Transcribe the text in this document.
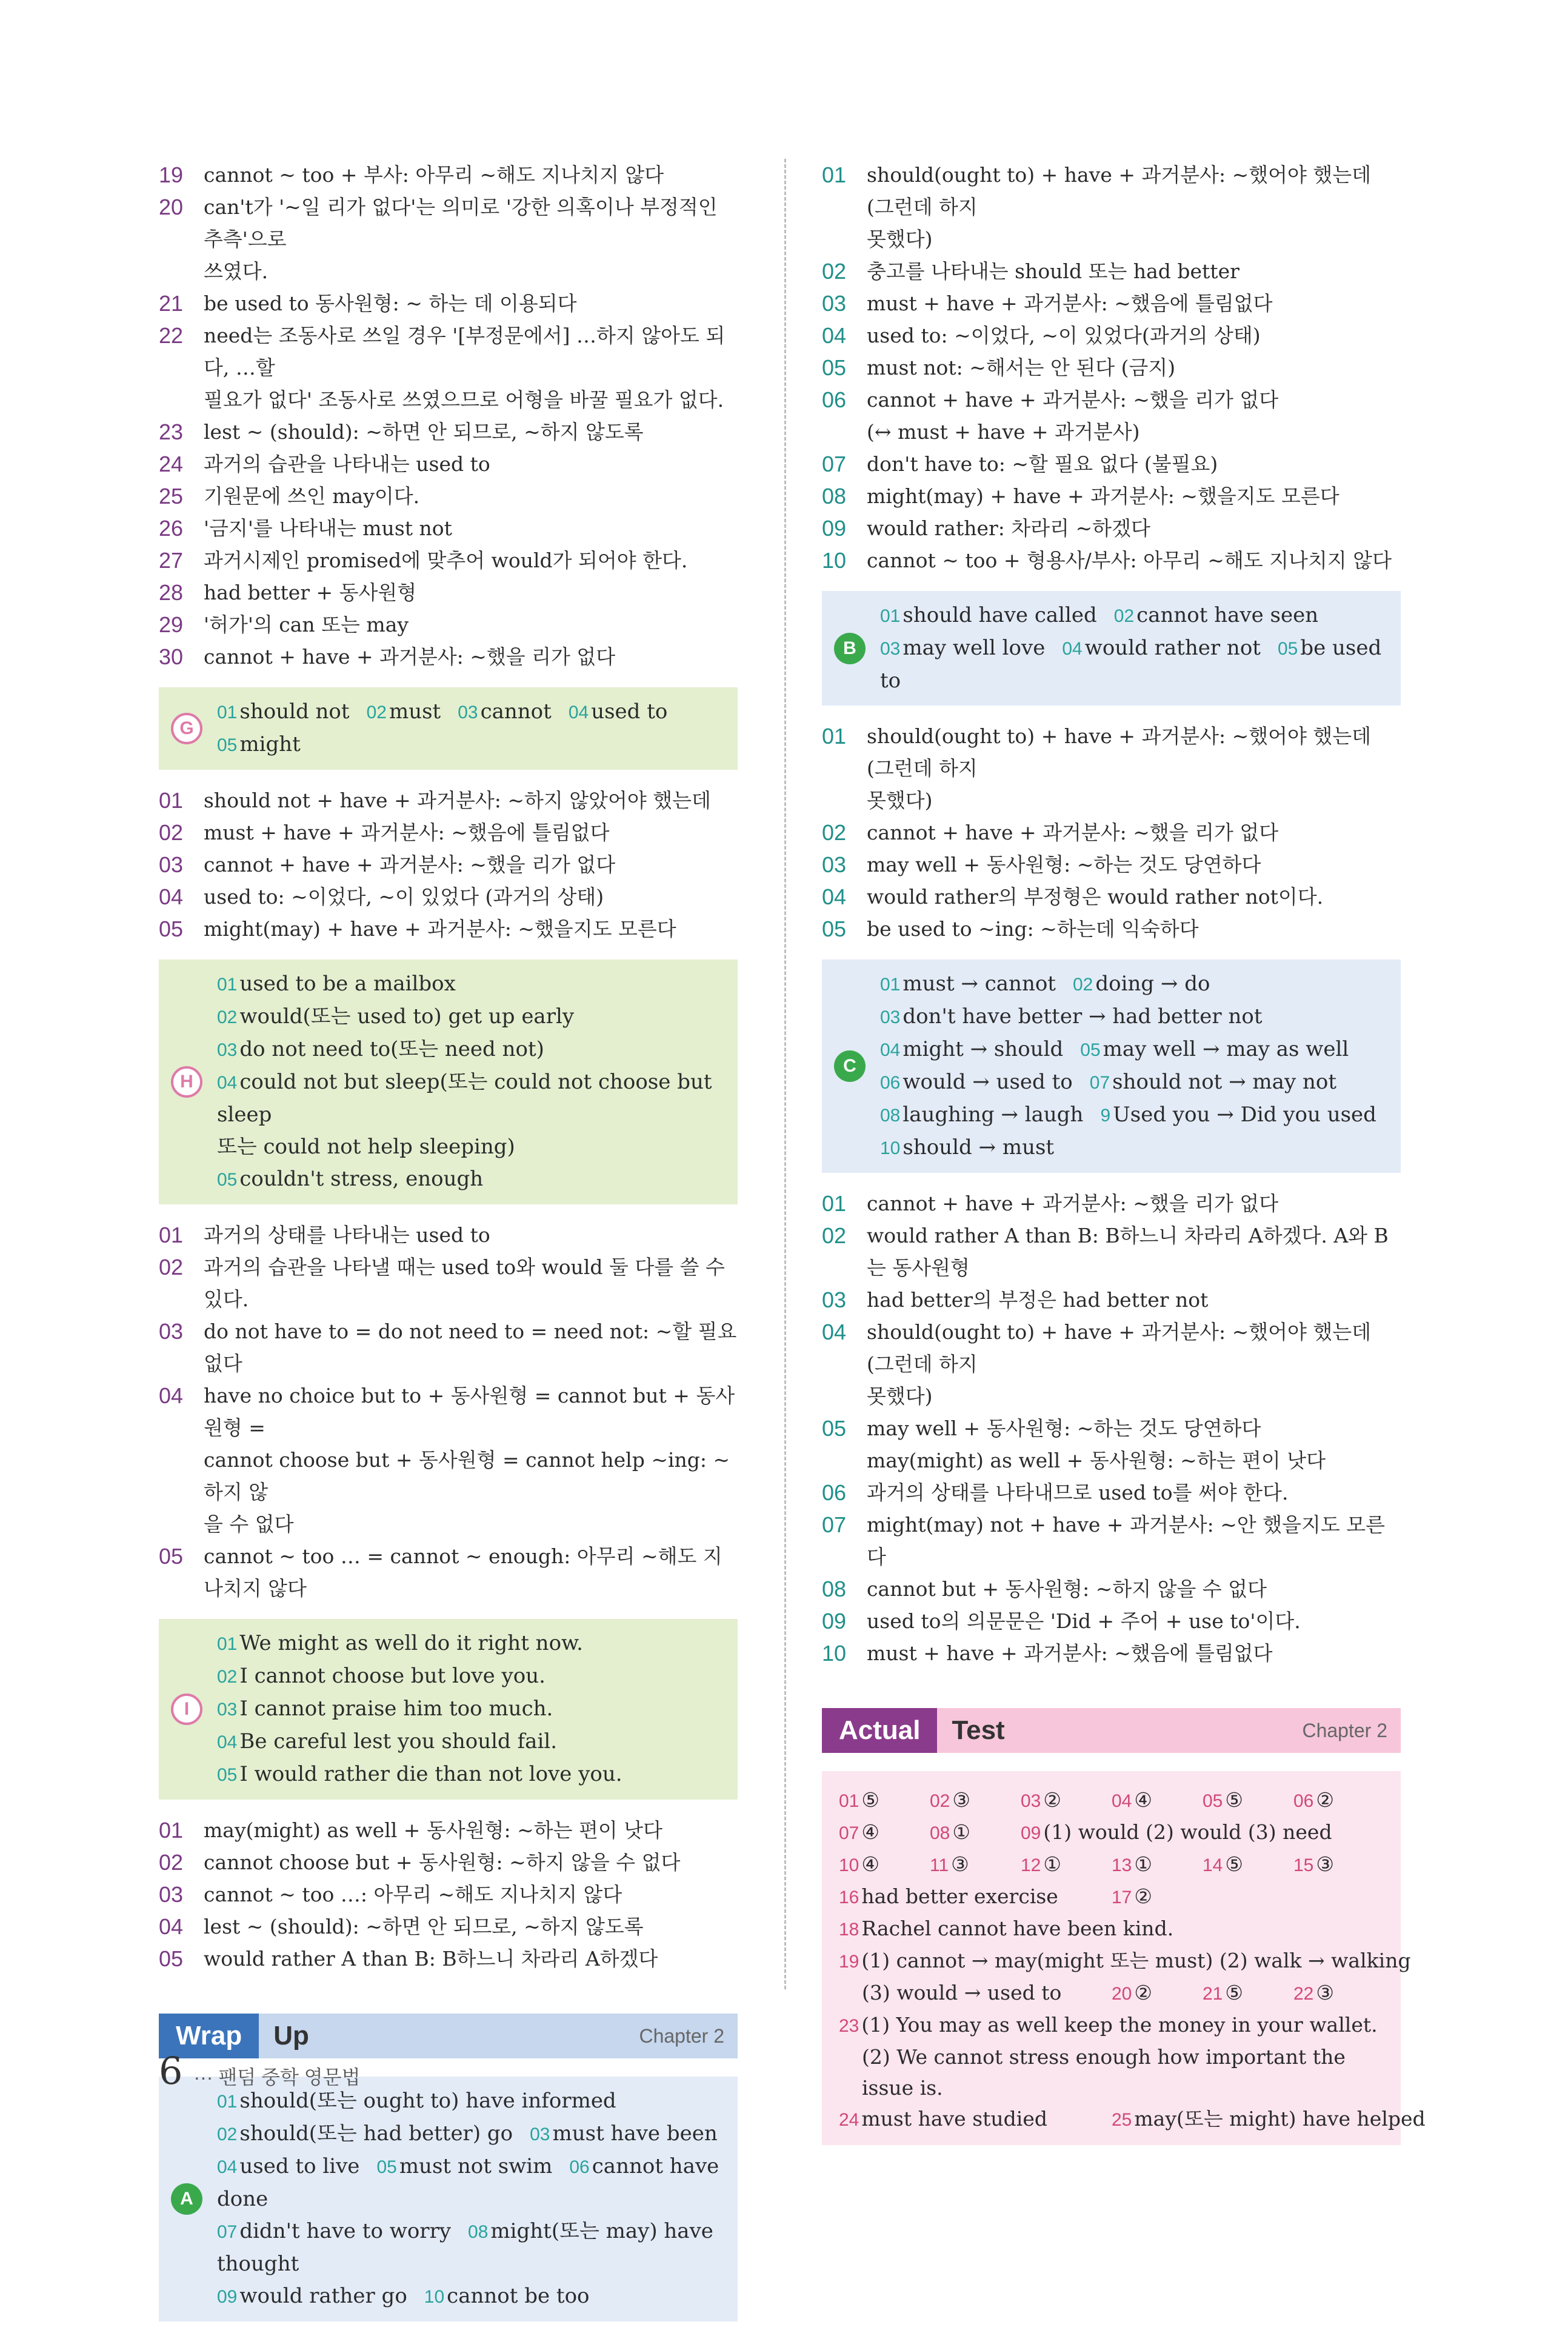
19	cannot ~ too + 부사: 아무리 ~해도 지나치지 않다
20	can't가 '~일 리가 없다'는 의미로 '강한 의혹이나 부정적인 추측'으로
쓰였다.
21	be used to 동사원형: ~ 하는 데 이용되다
22	need는 조동사로 쓰일 경우 '[부정문에서] …하지 않아도 되다, …할
필요가 없다' 조동사로 쓰였으므로 어형을 바꿀 필요가 없다.
23	lest ~ (should): ~하면 안 되므로, ~하지 않도록
24	과거의 습관을 나타내는 used to
25	기원문에 쓰인 may이다.
26	'금지'를 나타내는 must not
27	과거시제인 promised에 맞추어 would가 되어야 한다.
28	had better + 동사원형
29	'허가'의 can 또는 may
30	cannot + have + 과거분사: ~했을 리가 없다
G
01 should not 02 must 03 cannot 04 used to05 might
01	should not + have + 과거분사: ~하지 않았어야 했는데
02	must + have + 과거분사: ~했음에 틀림없다
03	cannot + have + 과거분사: ~했을 리가 없다
04	used to: ~이었다, ~이 있었다 (과거의 상태)
05	might(may) + have + 과거분사: ~했을지도 모른다
H
01 used to be a mailbox
02 would(또는 used to) get up early
03 do not need to(또는 need not)
04 could not but sleep(또는 could not choose but sleep
또는 could not help sleeping)
05 couldn't stress, enough
01	과거의 상태를 나타내는 used to
02	과거의 습관을 나타낼 때는 used to와 would 둘 다를 쓸 수 있다.
03	do not have to = do not need to = need not: ~할 필요 없다
04	have no choice but to + 동사원형 = cannot but + 동사원형 =
cannot choose but + 동사원형 = cannot help ~ing: ~하지 않
을 수 없다
05	cannot ~ too … = cannot ~ enough: 아무리 ~해도 지나치지 않다
I
01 We might as well do it right now.
02 I cannot choose but love you.
03 I cannot praise him too much.
04 Be careful lest you should fail.
05 I would rather die than not love you.
01	may(might) as well + 동사원형: ~하는 편이 낫다
02	cannot choose but + 동사원형: ~하지 않을 수 없다
03	cannot ~ too …: 아무리 ~해도 지나치지 않다
04	lest ~ (should): ~하면 안 되므로, ~하지 않도록
05	would rather A than B: B하느니 차라리 A하겠다
Wrap	Up	Chapter 2
A
01 should(또는 ought to) have informed
02 should(또는 had better) go 03 must have been
04 used to live 05 must not swim 06 cannot have done
07 didn't have to worry 08 might(또는 may) have thought
09 would rather go 10 cannot be too
01	should(ought to) + have + 과거분사: ~했어야 했는데 (그런데 하지
못했다)
02	충고를 나타내는 should 또는 had better
03	must + have + 과거분사: ~했음에 틀림없다
04	used to: ~이었다, ~이 있었다(과거의 상태)
05	must not: ~해서는 안 된다 (금지)
06	cannot + have + 과거분사: ~했을 리가 없다
(↔ must + have + 과거분사)
07	don't have to: ~할 필요 없다 (불필요)
08	might(may) + have + 과거분사: ~했을지도 모른다
09	would rather: 차라리 ~하겠다
10	cannot ~ too + 형용사/부사: 아무리 ~해도 지나치지 않다
B
01 should have called 02 cannot have seen
03 may well love 04 would rather not 05 be used to
01	should(ought to) + have + 과거분사: ~했어야 했는데 (그런데 하지
못했다)
02	cannot + have + 과거분사: ~했을 리가 없다
03	may well + 동사원형: ~하는 것도 당연하다
04	would rather의 부정형은 would rather not이다.
05	be used to ~ing: ~하는데 익숙하다
C
01 must → cannot 02 doing → do
03 don't have better → had better not
04 might → should 05 may well → may as well
06 would → used to 07 should not → may not
08 laughing → laugh 9 Used you → Did you used
10 should → must
01	cannot + have + 과거분사: ~했을 리가 없다
02	would rather A than B: B하느니 차라리 A하겠다. A와 B는 동사원형
03	had better의 부정은 had better not
04	should(ought to) + have + 과거분사: ~했어야 했는데 (그런데 하지
못했다)
05	may well + 동사원형: ~하는 것도 당연하다
may(might) as well + 동사원형: ~하는 편이 낫다
06	과거의 상태를 나타내므로 used to를 써야 한다.
07	might(may) not + have + 과거분사: ~안 했을지도 모른다
08	cannot but + 동사원형: ~하지 않을 수 없다
09	used to의 의문문은 'Did + 주어 + use to'이다.
10	must + have + 과거분사: ~했음에 틀림없다
Actual	Test	Chapter 2
01 ⑤	02 ③	03 ②	04 ④	05 ⑤	06 ②
07 ④	08 ①	09 (1) would (2) would (3) need
10 ④	11 ③	12 ①	13 ①	14 ⑤	15 ③
16 had better exercise	17 ②
18 Rachel cannot have been kind.
19 (1) cannot → may(might 또는 must) (2) walk → walking
(3) would → used to	20 ②	21 ⑤	22 ③
23 (1) You may as well keep the money in your wallet.
(2) We cannot stress enough how important the issue is.
24 must have studied	25 may(또는 might) have helped
6 ··· 팬덤 중학 영문법
